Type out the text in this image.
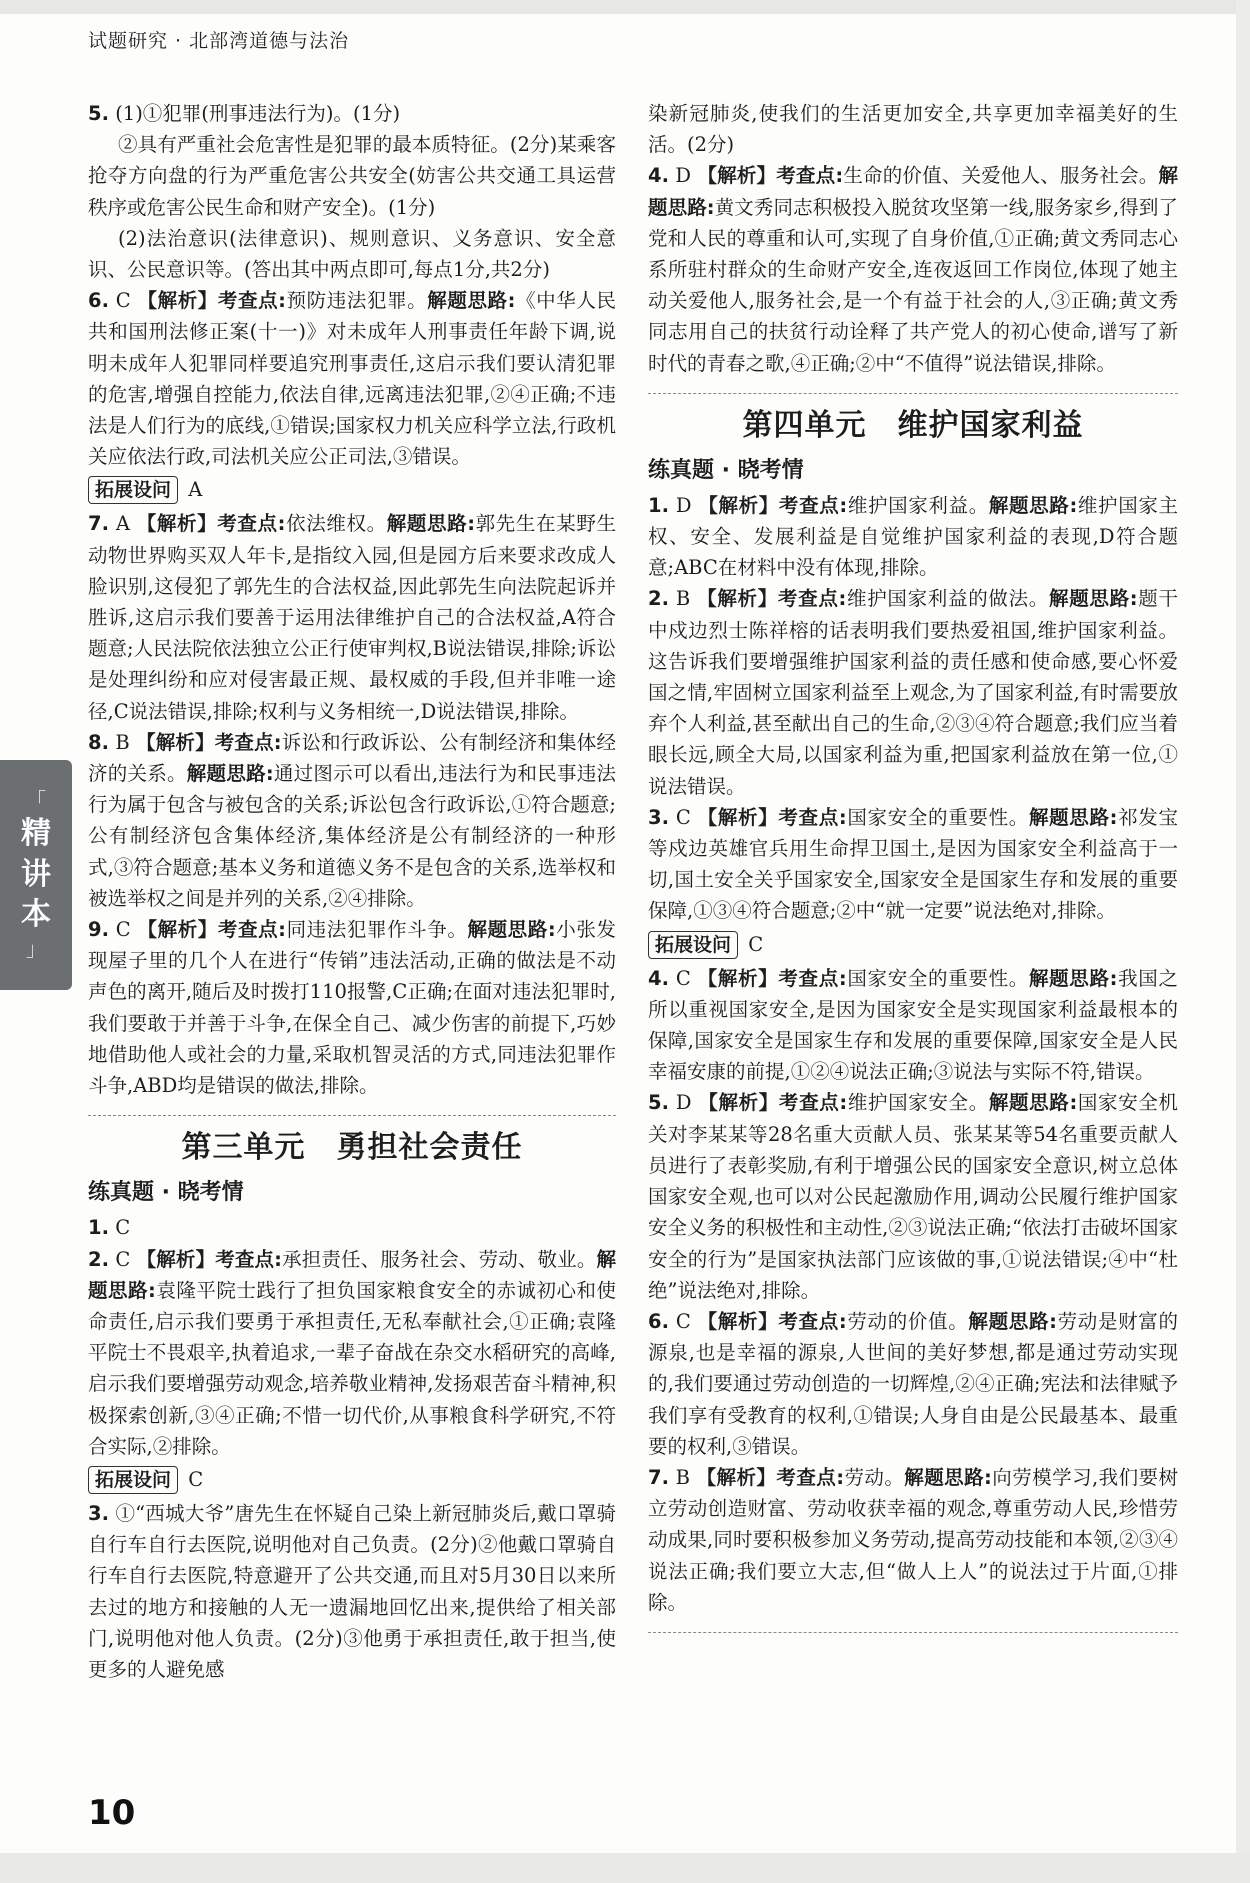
试题研究 · 北部湾道德与法治
「
精
讲
本
」
5. (1)①犯罪(刑事违法行为)。(1分)
②具有严重社会危害性是犯罪的最本质特征。(2分)某乘客抢夺方向盘的行为严重危害公共安全(妨害公共交通工具运营秩序或危害公民生命和财产安全)。(1分)
(2)法治意识(法律意识)、规则意识、义务意识、安全意识、公民意识等。(答出其中两点即可,每点1分,共2分)
6. C 【解析】考查点:预防违法犯罪。解题思路:《中华人民共和国刑法修正案(十一)》对未成年人刑事责任年龄下调,说明未成年人犯罪同样要追究刑事责任,这启示我们要认清犯罪的危害,增强自控能力,依法自律,远离违法犯罪,②④正确;不违法是人们行为的底线,①错误;国家权力机关应科学立法,行政机关应依法行政,司法机关应公正司法,③错误。
拓展设问 A
7. A 【解析】考查点:依法维权。解题思路:郭先生在某野生动物世界购买双人年卡,是指纹入园,但是园方后来要求改成人脸识别,这侵犯了郭先生的合法权益,因此郭先生向法院起诉并胜诉,这启示我们要善于运用法律维护自己的合法权益,A符合题意;人民法院依法独立公正行使审判权,B说法错误,排除;诉讼是处理纠纷和应对侵害最正规、最权威的手段,但并非唯一途径,C说法错误,排除;权利与义务相统一,D说法错误,排除。
8. B 【解析】考查点:诉讼和行政诉讼、公有制经济和集体经济的关系。解题思路:通过图示可以看出,违法行为和民事违法行为属于包含与被包含的关系;诉讼包含行政诉讼,①符合题意;公有制经济包含集体经济,集体经济是公有制经济的一种形式,③符合题意;基本义务和道德义务不是包含的关系,选举权和被选举权之间是并列的关系,②④排除。
9. C 【解析】考查点:同违法犯罪作斗争。解题思路:小张发现屋子里的几个人在进行“传销”违法活动,正确的做法是不动声色的离开,随后及时拨打110报警,C正确;在面对违法犯罪时,我们要敢于并善于斗争,在保全自己、减少伤害的前提下,巧妙地借助他人或社会的力量,采取机智灵活的方式,同违法犯罪作斗争,ABD均是错误的做法,排除。
第三单元　勇担社会责任
练真题 · 晓考情
1. C
2. C 【解析】考查点:承担责任、服务社会、劳动、敬业。解题思路:袁隆平院士践行了担负国家粮食安全的赤诚初心和使命责任,启示我们要勇于承担责任,无私奉献社会,①正确;袁隆平院士不畏艰辛,执着追求,一辈子奋战在杂交水稻研究的高峰,启示我们要增强劳动观念,培养敬业精神,发扬艰苦奋斗精神,积极探索创新,③④正确;不惜一切代价,从事粮食科学研究,不符合实际,②排除。
拓展设问 C
3. ①“西城大爷”唐先生在怀疑自己染上新冠肺炎后,戴口罩骑自行车自行去医院,说明他对自己负责。(2分)②他戴口罩骑自行车自行去医院,特意避开了公共交通,而且对5月30日以来所去过的地方和接触的人无一遗漏地回忆出来,提供给了相关部门,说明他对他人负责。(2分)③他勇于承担责任,敢于担当,使更多的人避免感
染新冠肺炎,使我们的生活更加安全,共享更加幸福美好的生活。(2分)
4. D 【解析】考查点:生命的价值、关爱他人、服务社会。解题思路:黄文秀同志积极投入脱贫攻坚第一线,服务家乡,得到了党和人民的尊重和认可,实现了自身价值,①正确;黄文秀同志心系所驻村群众的生命财产安全,连夜返回工作岗位,体现了她主动关爱他人,服务社会,是一个有益于社会的人,③正确;黄文秀同志用自己的扶贫行动诠释了共产党人的初心使命,谱写了新时代的青春之歌,④正确;②中“不值得”说法错误,排除。
第四单元　维护国家利益
练真题 · 晓考情
1. D 【解析】考查点:维护国家利益。解题思路:维护国家主权、安全、发展利益是自觉维护国家利益的表现,D符合题意;ABC在材料中没有体现,排除。
2. B 【解析】考查点:维护国家利益的做法。解题思路:题干中戍边烈士陈祥榕的话表明我们要热爱祖国,维护国家利益。这告诉我们要增强维护国家利益的责任感和使命感,要心怀爱国之情,牢固树立国家利益至上观念,为了国家利益,有时需要放弃个人利益,甚至献出自己的生命,②③④符合题意;我们应当着眼长远,顾全大局,以国家利益为重,把国家利益放在第一位,①说法错误。
3. C 【解析】考查点:国家安全的重要性。解题思路:祁发宝等戍边英雄官兵用生命捍卫国土,是因为国家安全利益高于一切,国土安全关乎国家安全,国家安全是国家生存和发展的重要保障,①③④符合题意;②中“就一定要”说法绝对,排除。
拓展设问 C
4. C 【解析】考查点:国家安全的重要性。解题思路:我国之所以重视国家安全,是因为国家安全是实现国家利益最根本的保障,国家安全是国家生存和发展的重要保障,国家安全是人民幸福安康的前提,①②④说法正确;③说法与实际不符,错误。
5. D 【解析】考查点:维护国家安全。解题思路:国家安全机关对李某某等28名重大贡献人员、张某某等54名重要贡献人员进行了表彰奖励,有利于增强公民的国家安全意识,树立总体国家安全观,也可以对公民起激励作用,调动公民履行维护国家安全义务的积极性和主动性,②③说法正确;“依法打击破坏国家安全的行为”是国家执法部门应该做的事,①说法错误;④中“杜绝”说法绝对,排除。
6. C 【解析】考查点:劳动的价值。解题思路:劳动是财富的源泉,也是幸福的源泉,人世间的美好梦想,都是通过劳动实现的,我们要通过劳动创造的一切辉煌,②④正确;宪法和法律赋予我们享有受教育的权利,①错误;人身自由是公民最基本、最重要的权利,③错误。
7. B 【解析】考查点:劳动。解题思路:向劳模学习,我们要树立劳动创造财富、劳动收获幸福的观念,尊重劳动人民,珍惜劳动成果,同时要积极参加义务劳动,提高劳动技能和本领,②③④说法正确;我们要立大志,但“做人上人”的说法过于片面,①排除。
10
